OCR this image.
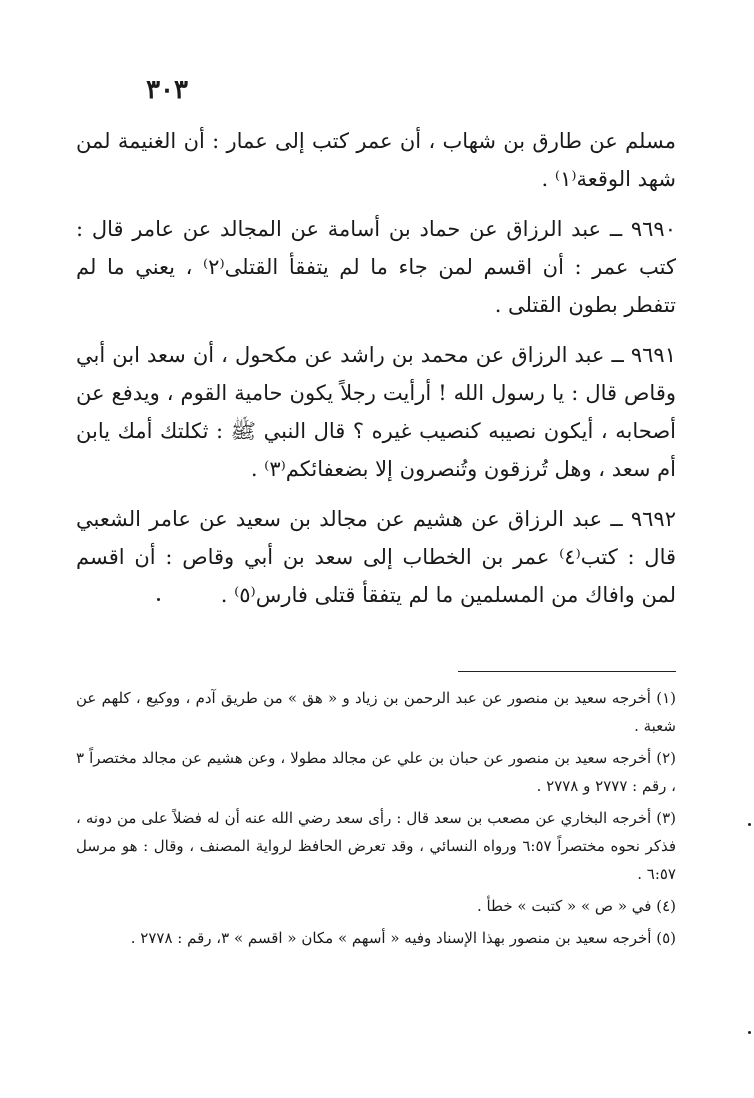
٣٠٣

مسلم عن طارق بن شهاب ، أن عمر كتب إلى عمار : أن الغنيمة لمن شهد الوقعة⁽١⁾ .

٩٦٩٠ ــ عبد الرزاق عن حماد بن أسامة عن المجالد عن عامر قال : كتب عمر : أن اقسم لمن جاء ما لم يتفقأ القتلى⁽٢⁾ ، يعني ما لم تتفطر بطون القتلى .

٩٦٩١ ــ عبد الرزاق عن محمد بن راشد عن مكحول ، أن سعد ابن أبي وقاص قال : يا رسول الله ! أرأيت رجلاً يكون حامية القوم ، ويدفع عن أصحابه ، أيكون نصيبه كنصيب غيره ؟ قال النبي ﷺ : ثكلتك أمك يابن أم سعد ، وهل تُرزقون وتُنصرون إلا بضعفائكم⁽٣⁾ .

٩٦٩٢ ــ عبد الرزاق عن هشيم عن مجالد بن سعيد عن عامر الشعبي قال : كتب⁽٤⁾ عمر بن الخطاب إلى سعد بن أبي وقاص : أن اقسم لمن وافاك من المسلمين ما لم يتفقأ قتلى فارس⁽٥⁾ .

(١) أخرجه سعيد بن منصور عن عبد الرحمن بن زياد و « هق » من طريق آدم ، ووكيع ، كلهم عن شعبة .

(٢) أخرجه سعيد بن منصور عن حبان بن علي عن مجالد مطولا ، وعن هشيم عن مجالد مختصراً ٣ ، رقم : ٢٧٧٧ و ٢٧٧٨ .

(٣) أخرجه البخاري عن مصعب بن سعد قال : رأى سعد رضي الله عنه أن له فضلاً على من دونه ، فذكر نحوه مختصراً ٦:٥٧ ورواه النسائي ، وقد تعرض الحافظ لرواية المصنف ، وقال : هو مرسل ٦:٥٧ .

(٤) في « ص » « كتبت » خطأ .

(٥) أخرجه سعيد بن منصور بهذا الإسناد وفيه « أسهم » مكان « اقسم » ٣، رقم : ٢٧٧٨ .
